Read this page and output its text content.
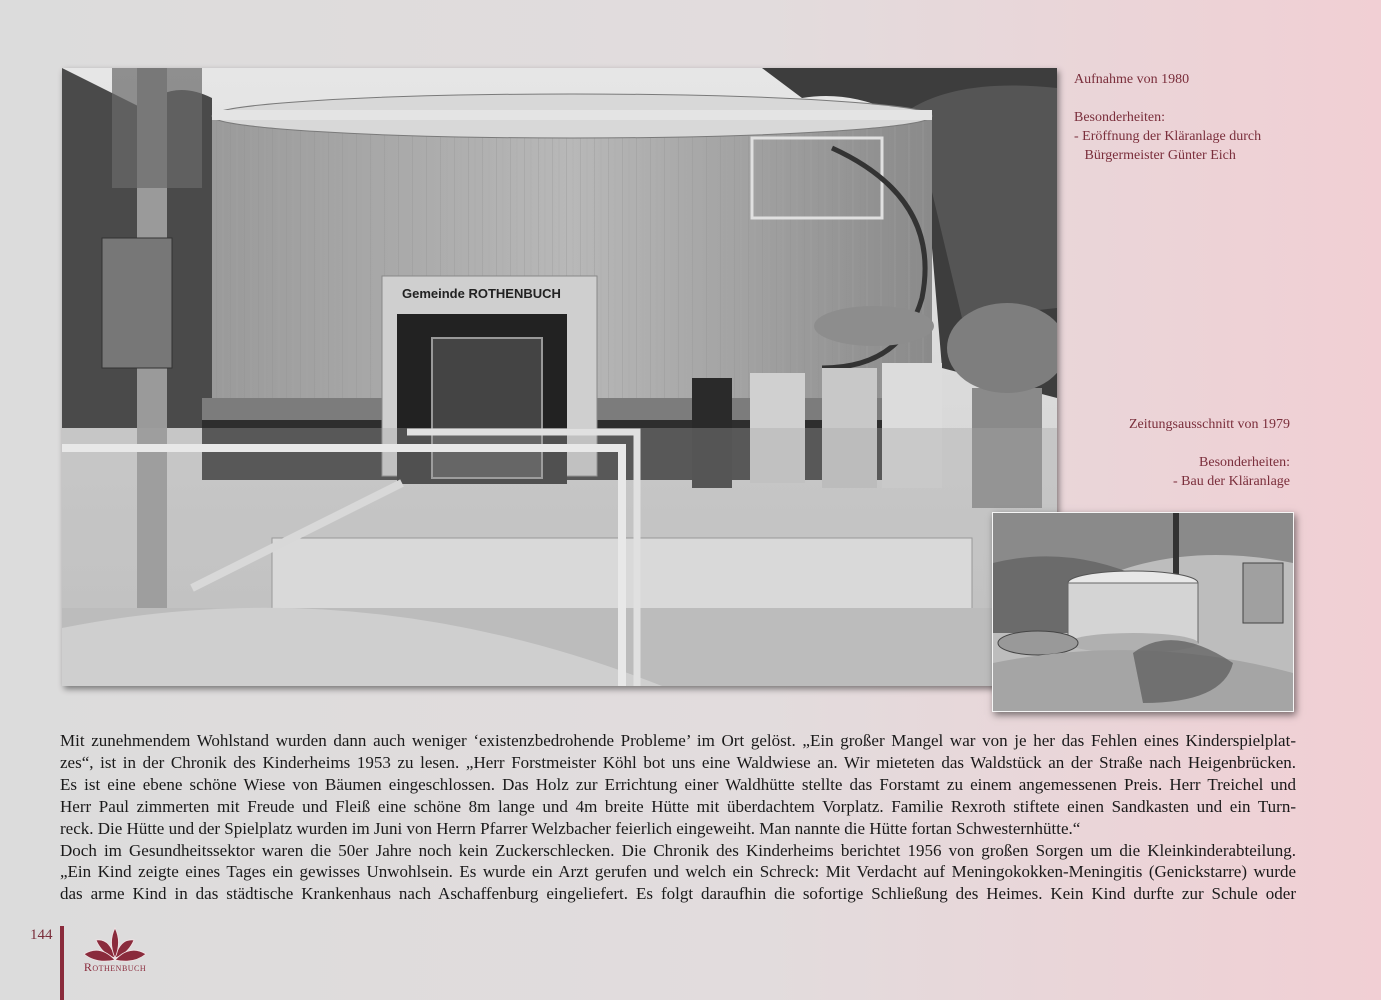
Gemeinde ROTHENBUCH
Aufnahme von 1980
Besonderheiten:
- Eröffnung der Kläranlage durch
Bürgermeister Günter Eich
Zeitungsausschnitt von 1979
Besonderheiten:
- Bau der Kläranlage
Mit zunehmendem Wohlstand wurden dann auch weniger ‘existenzbedrohende Probleme’ im Ort gelöst. „Ein großer Mangel war von je her das Fehlen eines Kinderspielplat-
zes“, ist in der Chronik des Kinderheims 1953 zu lesen. „Herr Forstmeister Köhl bot uns eine Waldwiese an. Wir mieteten das Waldstück an der Straße nach Heigenbrücken.
Es ist eine ebene schöne Wiese von Bäumen eingeschlossen. Das Holz zur Errichtung einer Waldhütte stellte das Forstamt zu einem angemessenen Preis. Herr Treichel und
Herr Paul zimmerten mit Freude und Fleiß eine schöne 8m lange und 4m breite Hütte mit überdachtem Vorplatz. Familie Rexroth stiftete einen Sandkasten und ein Turn-
reck. Die Hütte und der Spielplatz wurden im Juni von Herrn Pfarrer Welzbacher feierlich eingeweiht. Man nannte die Hütte fortan Schwesternhütte.“
Doch im Gesundheitssektor waren die 50er Jahre noch kein Zuckerschlecken. Die Chronik des Kinderheims berichtet 1956 von großen Sorgen um die Kleinkinderabteilung.
„Ein Kind zeigte eines Tages ein gewisses Unwohlsein. Es wurde ein Arzt gerufen und welch ein Schreck: Mit Verdacht auf Meningokokken-Meningitis (Genickstarre) wurde
das arme Kind in das städtische Krankenhaus nach Aschaffenburg eingeliefert. Es folgt daraufhin die sofortige Schließung des Heimes. Kein Kind durfte zur Schule oder
144
Rothenbuch
